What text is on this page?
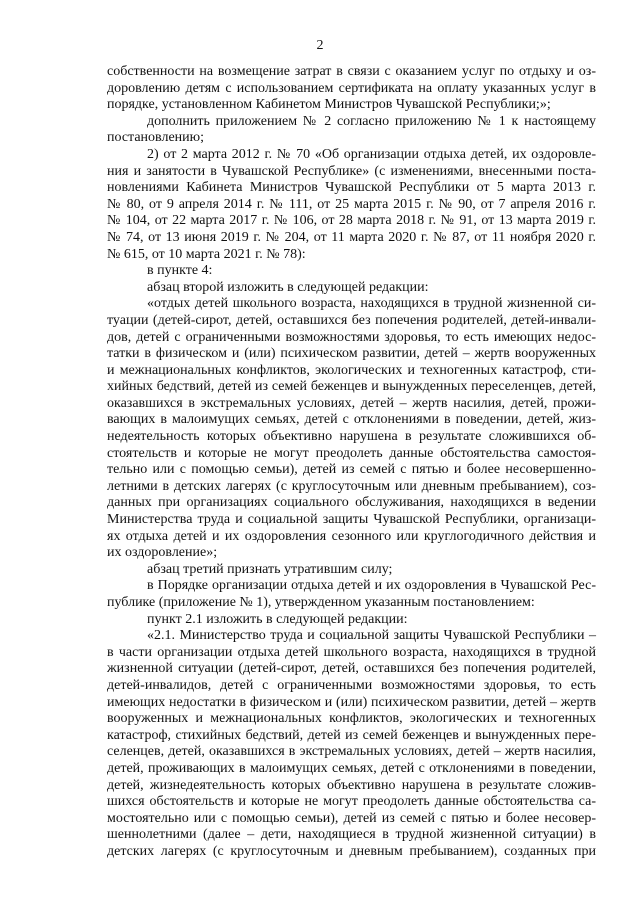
2
собственности на возмещение затрат в связи с оказанием услуг по отдыху и оз-
доровлению детям с использованием сертификата на оплату указанных услуг в
порядке, установленном Кабинетом Министров Чувашской Республики;»;
дополнить приложением № 2 согласно приложению № 1 к настоящему
постановлению;
2) от 2 марта 2012 г. № 70 «Об организации отдыха детей, их оздоровле-
ния и занятости в Чувашской Республике» (с изменениями, внесенными поста-
новлениями Кабинета Министров Чувашской Республики от 5 марта 2013 г.
№ 80, от 9 апреля 2014 г. № 111, от 25 марта 2015 г. № 90, от 7 апреля 2016 г.
№ 104, от 22 марта 2017 г. № 106, от 28 марта 2018 г. № 91, от 13 марта 2019 г.
№ 74, от 13 июня 2019 г. № 204, от 11 марта 2020 г. № 87, от 11 ноября 2020 г.
№ 615, от 10 марта 2021 г. № 78):
в пункте 4:
абзац второй изложить в следующей редакции:
«отдых детей школьного возраста, находящихся в трудной жизненной си-
туации (детей-сирот, детей, оставшихся без попечения родителей, детей-инвали-
дов, детей с ограниченными возможностями здоровья, то есть имеющих недос-
татки в физическом и (или) психическом развитии, детей – жертв вооруженных
и межнациональных конфликтов, экологических и техногенных катастроф, сти-
хийных бедствий, детей из семей беженцев и вынужденных переселенцев, детей,
оказавшихся в экстремальных условиях, детей – жертв насилия, детей, прожи-
вающих в малоимущих семьях, детей с отклонениями в поведении, детей, жиз-
недеятельность которых объективно нарушена в результате сложившихся об-
стоятельств и которые не могут преодолеть данные обстоятельства самостоя-
тельно или с помощью семьи), детей из семей с пятью и более несовершенно-
летними в детских лагерях (с круглосуточным или дневным пребыванием), соз-
данных при организациях социального обслуживания, находящихся в ведении
Министерства труда и социальной защиты Чувашской Республики, организаци-
ях отдыха детей и их оздоровления сезонного или круглогодичного действия и
их оздоровление»;
абзац третий признать утратившим силу;
в Порядке организации отдыха детей и их оздоровления в Чувашской Рес-
публике (приложение № 1), утвержденном указанным постановлением:
пункт 2.1 изложить в следующей редакции:
«2.1. Министерство труда и социальной защиты Чувашской Республики –
в части организации отдыха детей школьного возраста, находящихся в трудной
жизненной ситуации (детей-сирот, детей, оставшихся без попечения родителей,
детей-инвалидов, детей с ограниченными возможностями здоровья, то есть
имеющих недостатки в физическом и (или) психическом развитии, детей – жертв
вооруженных и межнациональных конфликтов, экологических и техногенных
катастроф, стихийных бедствий, детей из семей беженцев и вынужденных пере-
селенцев, детей, оказавшихся в экстремальных условиях, детей – жертв насилия,
детей, проживающих в малоимущих семьях, детей с отклонениями в поведении,
детей, жизнедеятельность которых объективно нарушена в результате сложив-
шихся обстоятельств и которые не могут преодолеть данные обстоятельства са-
мостоятельно или с помощью семьи), детей из семей с пятью и более несовер-
шеннолетними (далее – дети, находящиеся в трудной жизненной ситуации) в
детских лагерях (с круглосуточным и дневным пребыванием), созданных при
